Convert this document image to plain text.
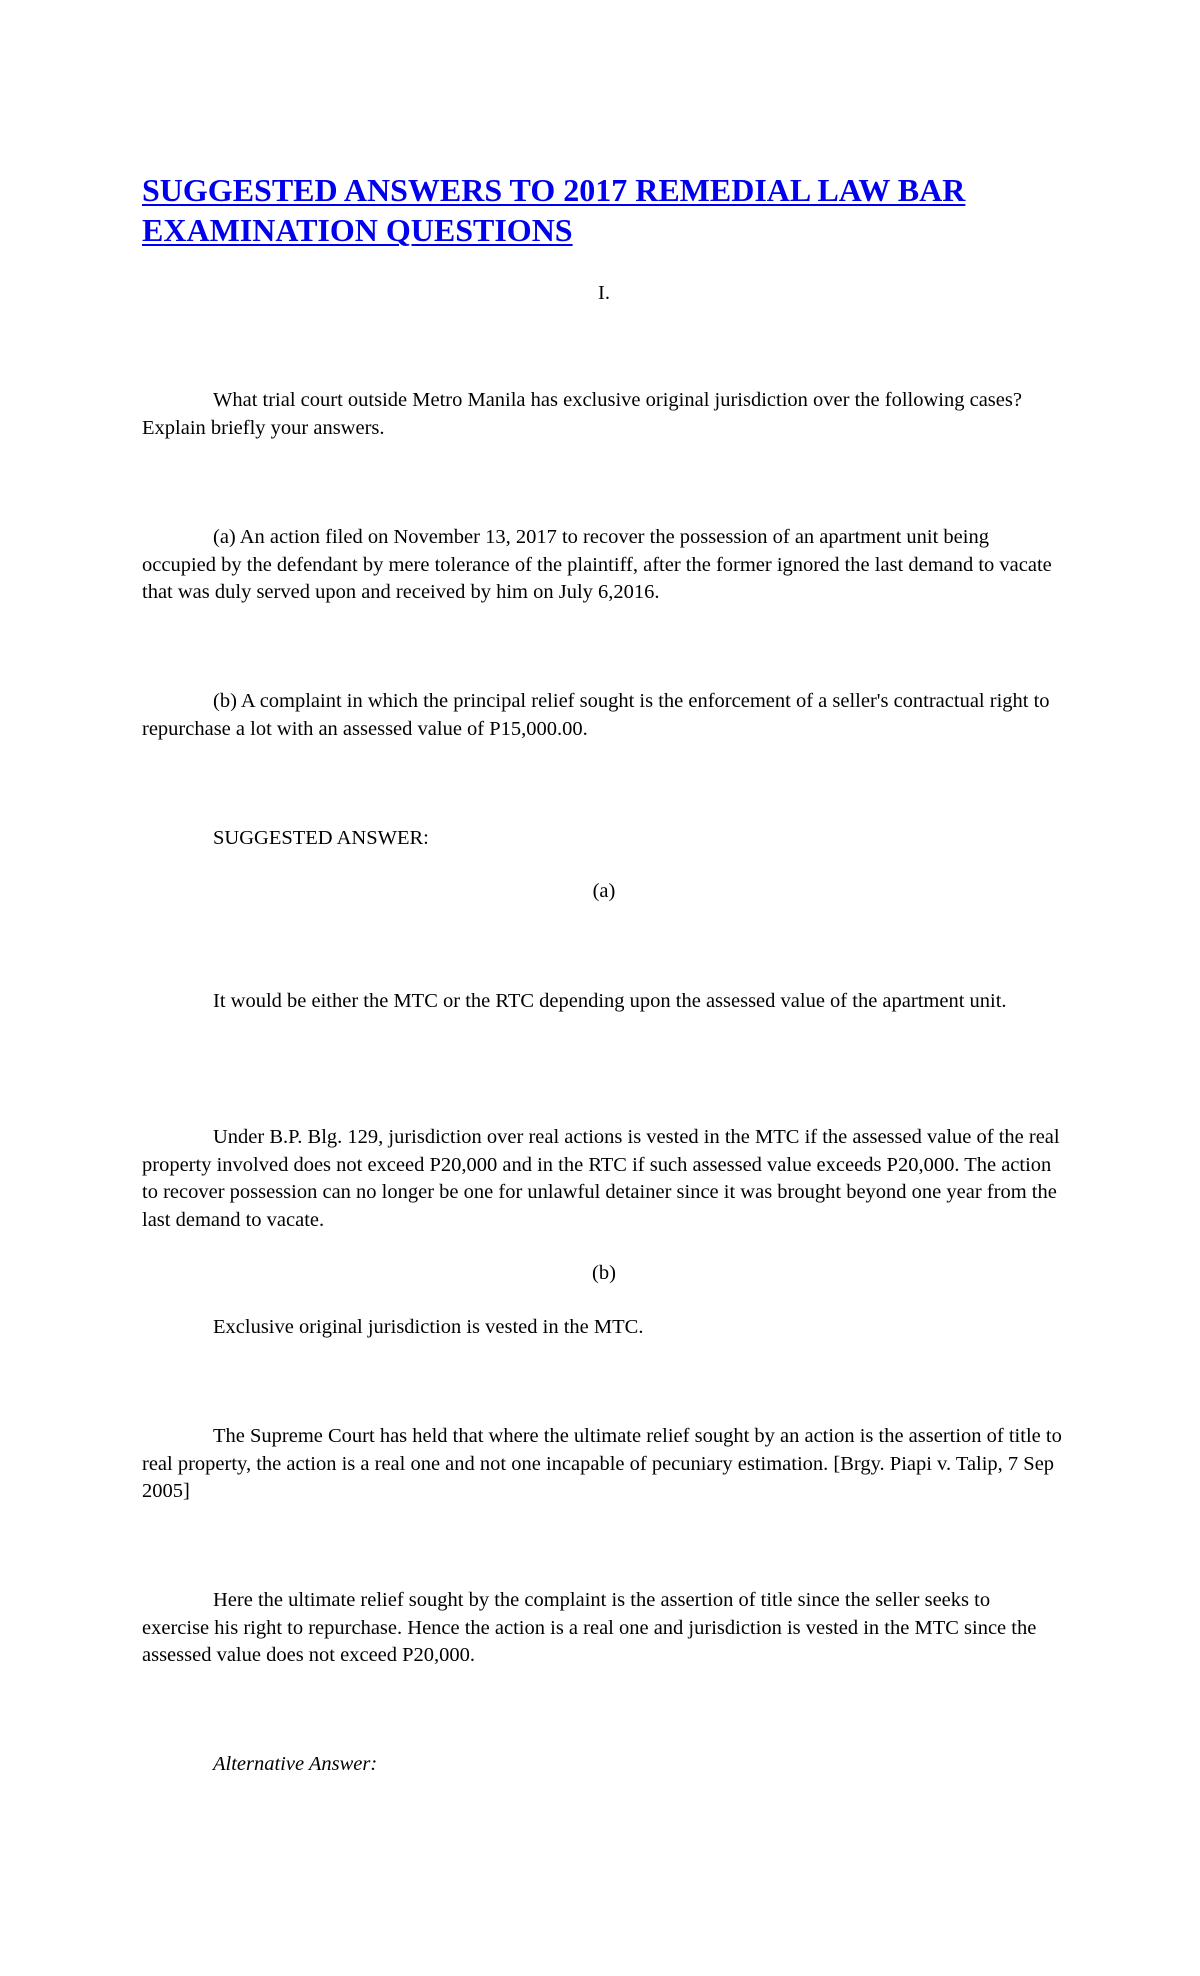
SUGGESTED ANSWERS TO 2017 REMEDIAL LAW BAR EXAMINATION QUESTIONS

I.

What trial court outside Metro Manila has exclusive original jurisdiction over the following cases? Explain briefly your answers.

(a) An action filed on November 13, 2017 to recover the possession of an apartment unit being occupied by the defendant by mere tolerance of the plaintiff, after the former ignored the last demand to vacate that was duly served upon and received by him on July 6,2016.

(b) A complaint in which the principal relief sought is the enforcement of a seller's contractual right to repurchase a lot with an assessed value of P15,000.00.

SUGGESTED ANSWER:

(a)

It would be either the MTC or the RTC depending upon the assessed value of the apartment unit.

Under B.P. Blg. 129, jurisdiction over real actions is vested in the MTC if the assessed value of the real property involved does not exceed P20,000 and in the RTC if such assessed value exceeds P20,000. The action to recover possession can no longer be one for unlawful detainer since it was brought beyond one year from the last demand to vacate.

(b)

Exclusive original jurisdiction is vested in the MTC.

The Supreme Court has held that where the ultimate relief sought by an action is the assertion of title to real property, the action is a real one and not one incapable of pecuniary estimation. [Brgy. Piapi v. Talip, 7 Sep 2005]

Here the ultimate relief sought by the complaint is the assertion of title since the seller seeks to exercise his right to repurchase. Hence the action is a real one and jurisdiction is vested in the MTC since the assessed value does not exceed P20,000.

Alternative Answer:
